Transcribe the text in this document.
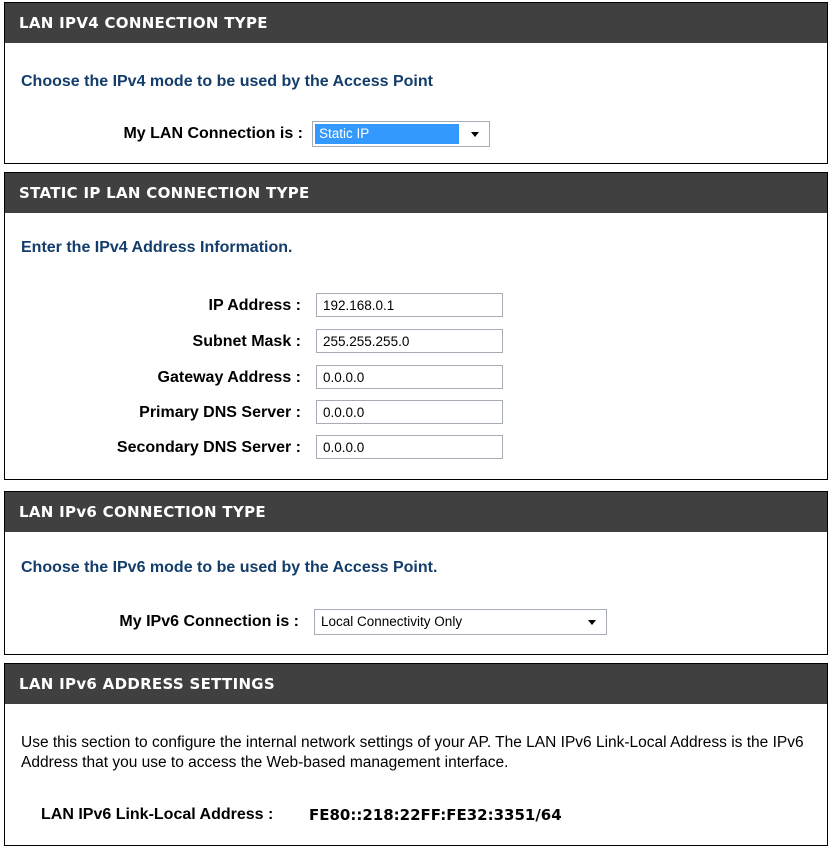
LAN IPV4 CONNECTION TYPE
Choose the IPv4 mode to be used by the Access Point
My LAN Connection is : Static IP
STATIC IP LAN CONNECTION TYPE
Enter the IPv4 Address Information.
IP Address :
192.168.0.1
Subnet Mask :
255.255.255.0
Gateway Address :
0.0.0.0
Primary DNS Server :
0.0.0.0
Secondary DNS Server :
0.0.0.0
LAN IPv6 CONNECTION TYPE
Choose the IPv6 mode to be used by the Access Point.
My IPv6 Connection is : Local Connectivity Only
LAN IPv6 ADDRESS SETTINGS
Use this section to configure the internal network settings of your AP. The LAN IPv6 Link-Local Address is the IPv6 Address that you use to access the Web-based management interface.
LAN IPv6 Link-Local Address : FE80::218:22FF:FE32:3351/64
